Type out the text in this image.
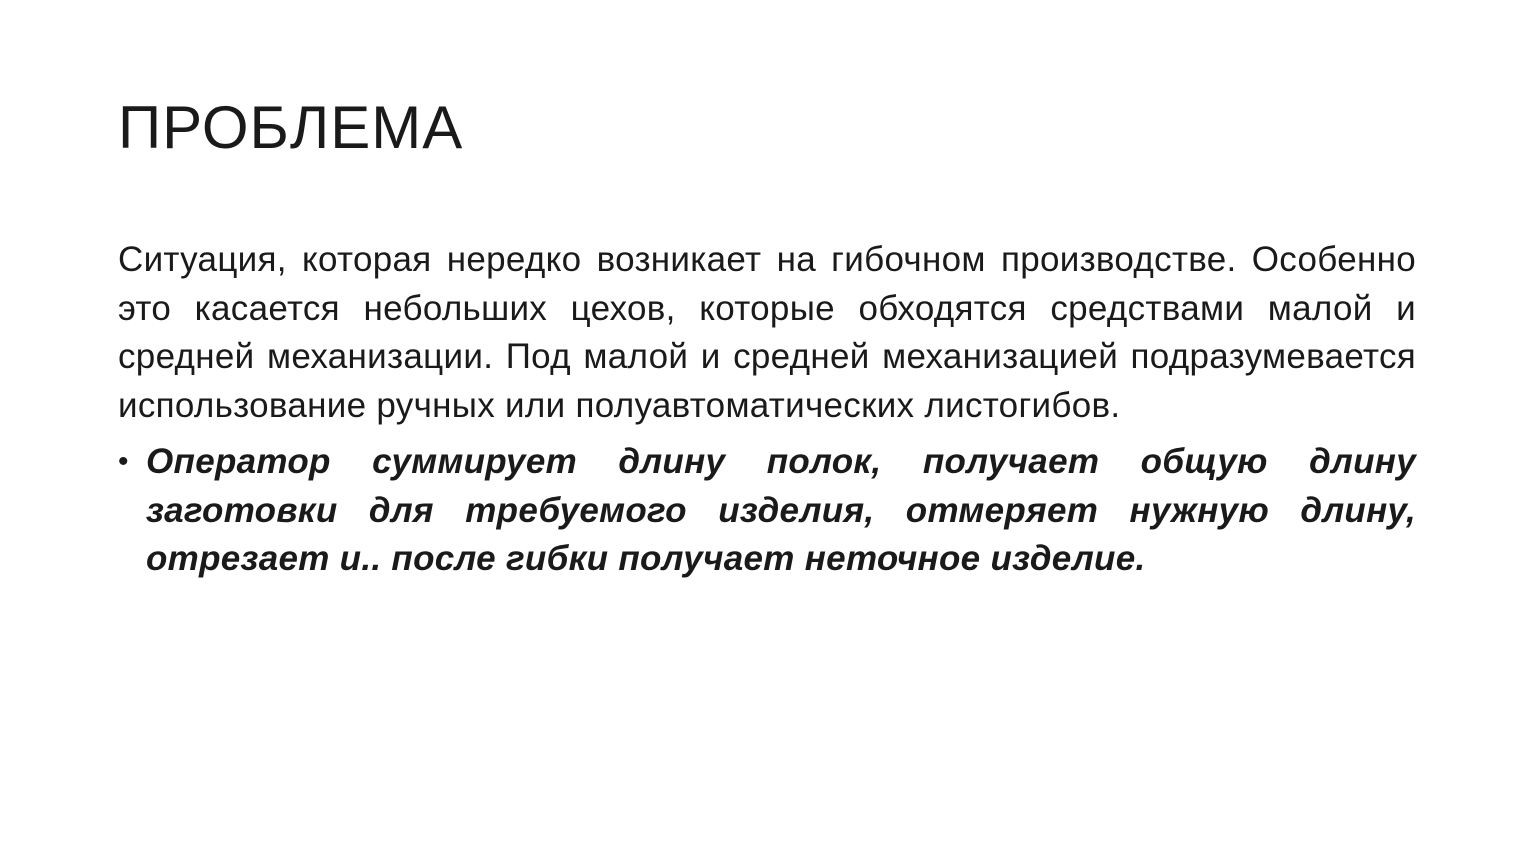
ПРОБЛЕМА

Ситуация, которая нередко возникает на гибочном производстве. Особенно это касается небольших цехов, которые обходятся средствами малой и средней механизации. Под малой и средней механизацией подразумевается использование ручных или полуавтоматических листогибов.

• Оператор суммирует длину полок, получает общую длину заготовки для требуемого изделия, отмеряет нужную длину, отрезает и.. после гибки получает неточное изделие.
